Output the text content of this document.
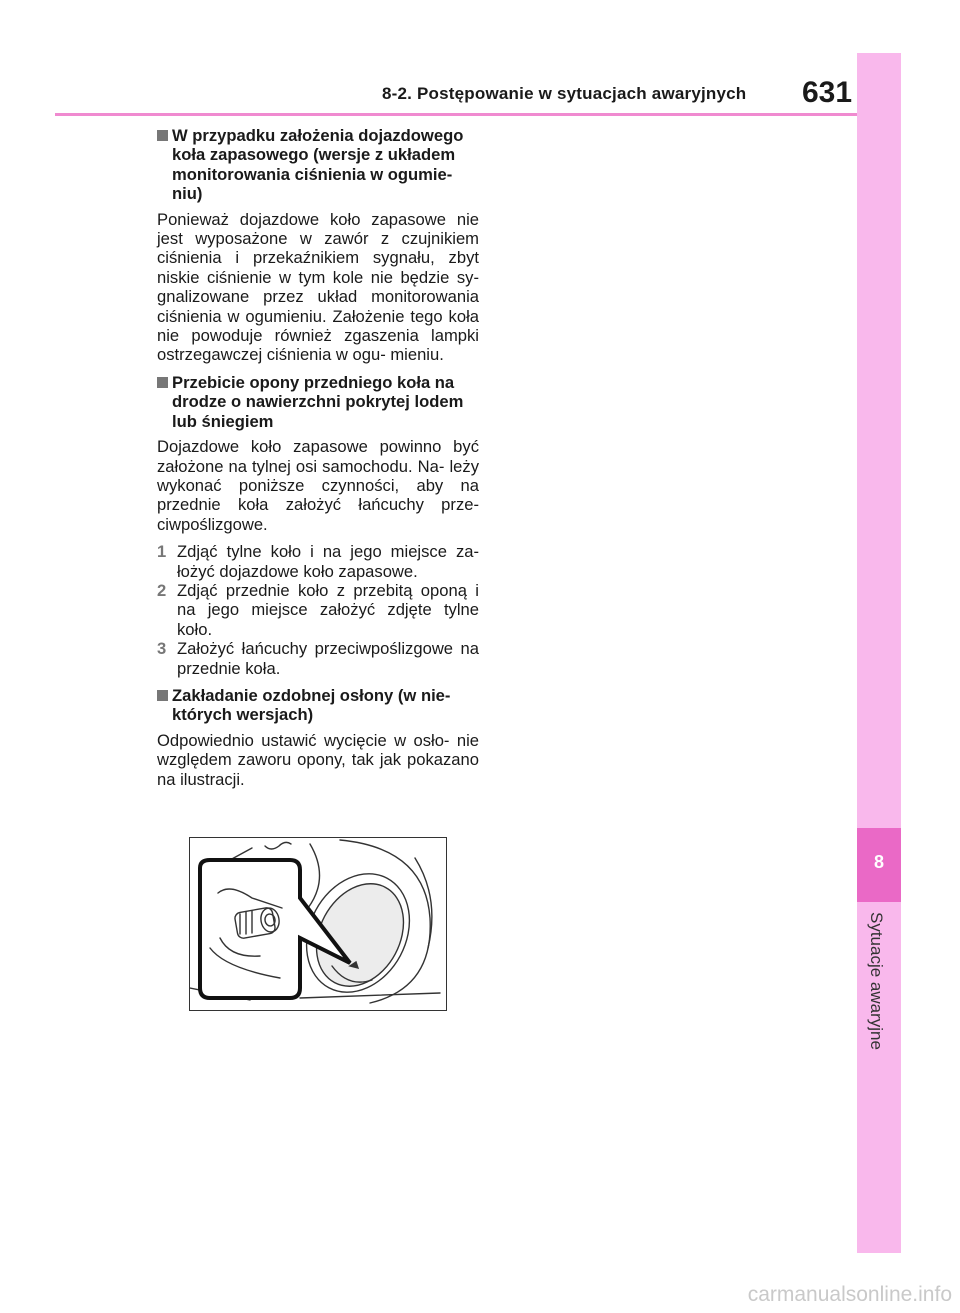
8-2. Postępowanie w sytuacjach awaryjnych 631
8
Sytuacje awaryjne
W przypadku założenia dojazdowego koła zapasowego (wersje z układem monitorowania ciśnienia w ogumie- niu)
Ponieważ dojazdowe koło zapasowe nie jest wyposażone w zawór z czujnikiem ciśnienia i przekaźnikiem sygnału, zbyt niskie ciśnienie w tym kole nie będzie sy- gnalizowane przez układ monitorowania ciśnienia w ogumieniu. Założenie tego koła nie powoduje również zgaszenia lampki ostrzegawczej ciśnienia w ogu- mieniu.
Przebicie opony przedniego koła na drodze o nawierzchni pokrytej lodem lub śniegiem
Dojazdowe koło zapasowe powinno być założone na tylnej osi samochodu. Na- leży wykonać poniższe czynności, aby na przednie koła założyć łańcuchy prze- ciwpoślizgowe.
1 Zdjąć tylne koło i na jego miejsce za- łożyć dojazdowe koło zapasowe.
2 Zdjąć przednie koło z przebitą oponą i na jego miejsce założyć zdjęte tylne koło.
3 Założyć łańcuchy przeciwpoślizgowe na przednie koła.
Zakładanie ozdobnej osłony (w nie- których wersjach)
Odpowiednio ustawić wycięcie w osło- nie względem zaworu opony, tak jak pokazano na ilustracji.
carmanualsonline.info
